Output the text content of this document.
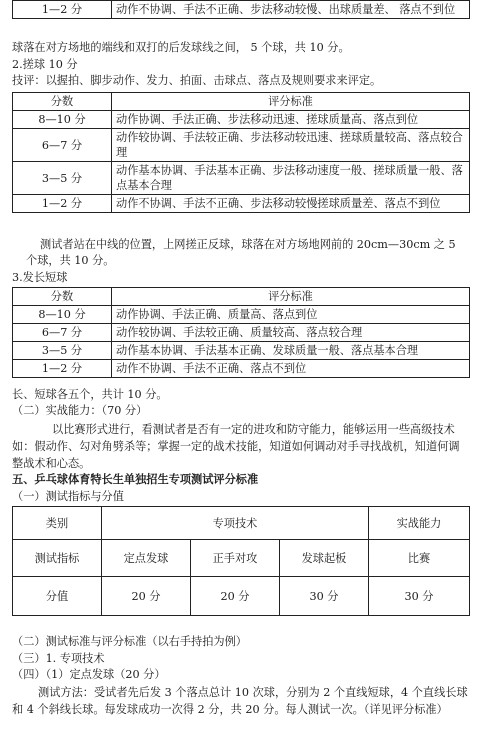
1—2 分	动作不协调、手法不正确、步法移动较慢、出球质量差、 落点不到位
球落在对方场地的端线和双打的后发球线之间， 5 个球，共 10 分。
2.搓球 10 分
技评：以握拍、脚步动作、发力、拍面、击球点、落点及规则要求来评定。
分数	评分标准
8—10 分	动作协调、手法正确、步法移动迅速、搓球质量高、落点到位
6—7 分	动作较协调、手法较正确、步法移动较迅速、搓球质量较高、落点较合理
3—5 分	动作基本协调、手法基本正确、步法移动速度一般、搓球质量一般、落点基本合理
1—2 分	动作不协调、手法不正确、步法移动较慢搓球质量差、落点不到位
测试者站在中线的位置，上网搓正反球，球落在对方场地网前的 20cm—30cm 之 5 个球，共 10 分。
3.发长短球
分数	评分标准
8—10 分	动作协调、手法正确、质量高、落点到位
6—7 分	动作较协调、手法较正确、质量较高、落点较合理
3—5 分	动作基本协调、手法基本正确、发球质量一般、落点基本合理
1—2 分	动作不协调、手法不正确、落点不到位
长、短球各五个，共计 10 分。
（二）实战能力：（70 分）
以比赛形式进行，看测试者是否有一定的进攻和防守能力，能够运用一些高级技术如：假动作、勾对角劈杀等；掌握一定的战术技能，知道如何调动对手寻找战机，知道何调整战术和心态。
五、乒乓球体育特长生单独招生专项测试评分标准
（一）测试指标与分值
类别	专项技术			实战能力
测试指标	定点发球	正手对攻	发球起板	比赛
分值	20 分	20 分	30 分	30 分
（二）测试标准与评分标准（以右手持拍为例）
（三）1. 专项技术
（四）（1）定点发球（20 分）
测试方法：受试者先后发 3 个落点总计 10 次球，分别为 2 个直线短球，4 个直线长球和 4 个斜线长球。每发球成功一次得 2 分，共 20 分。每人测试一次。（详见评分标准）
